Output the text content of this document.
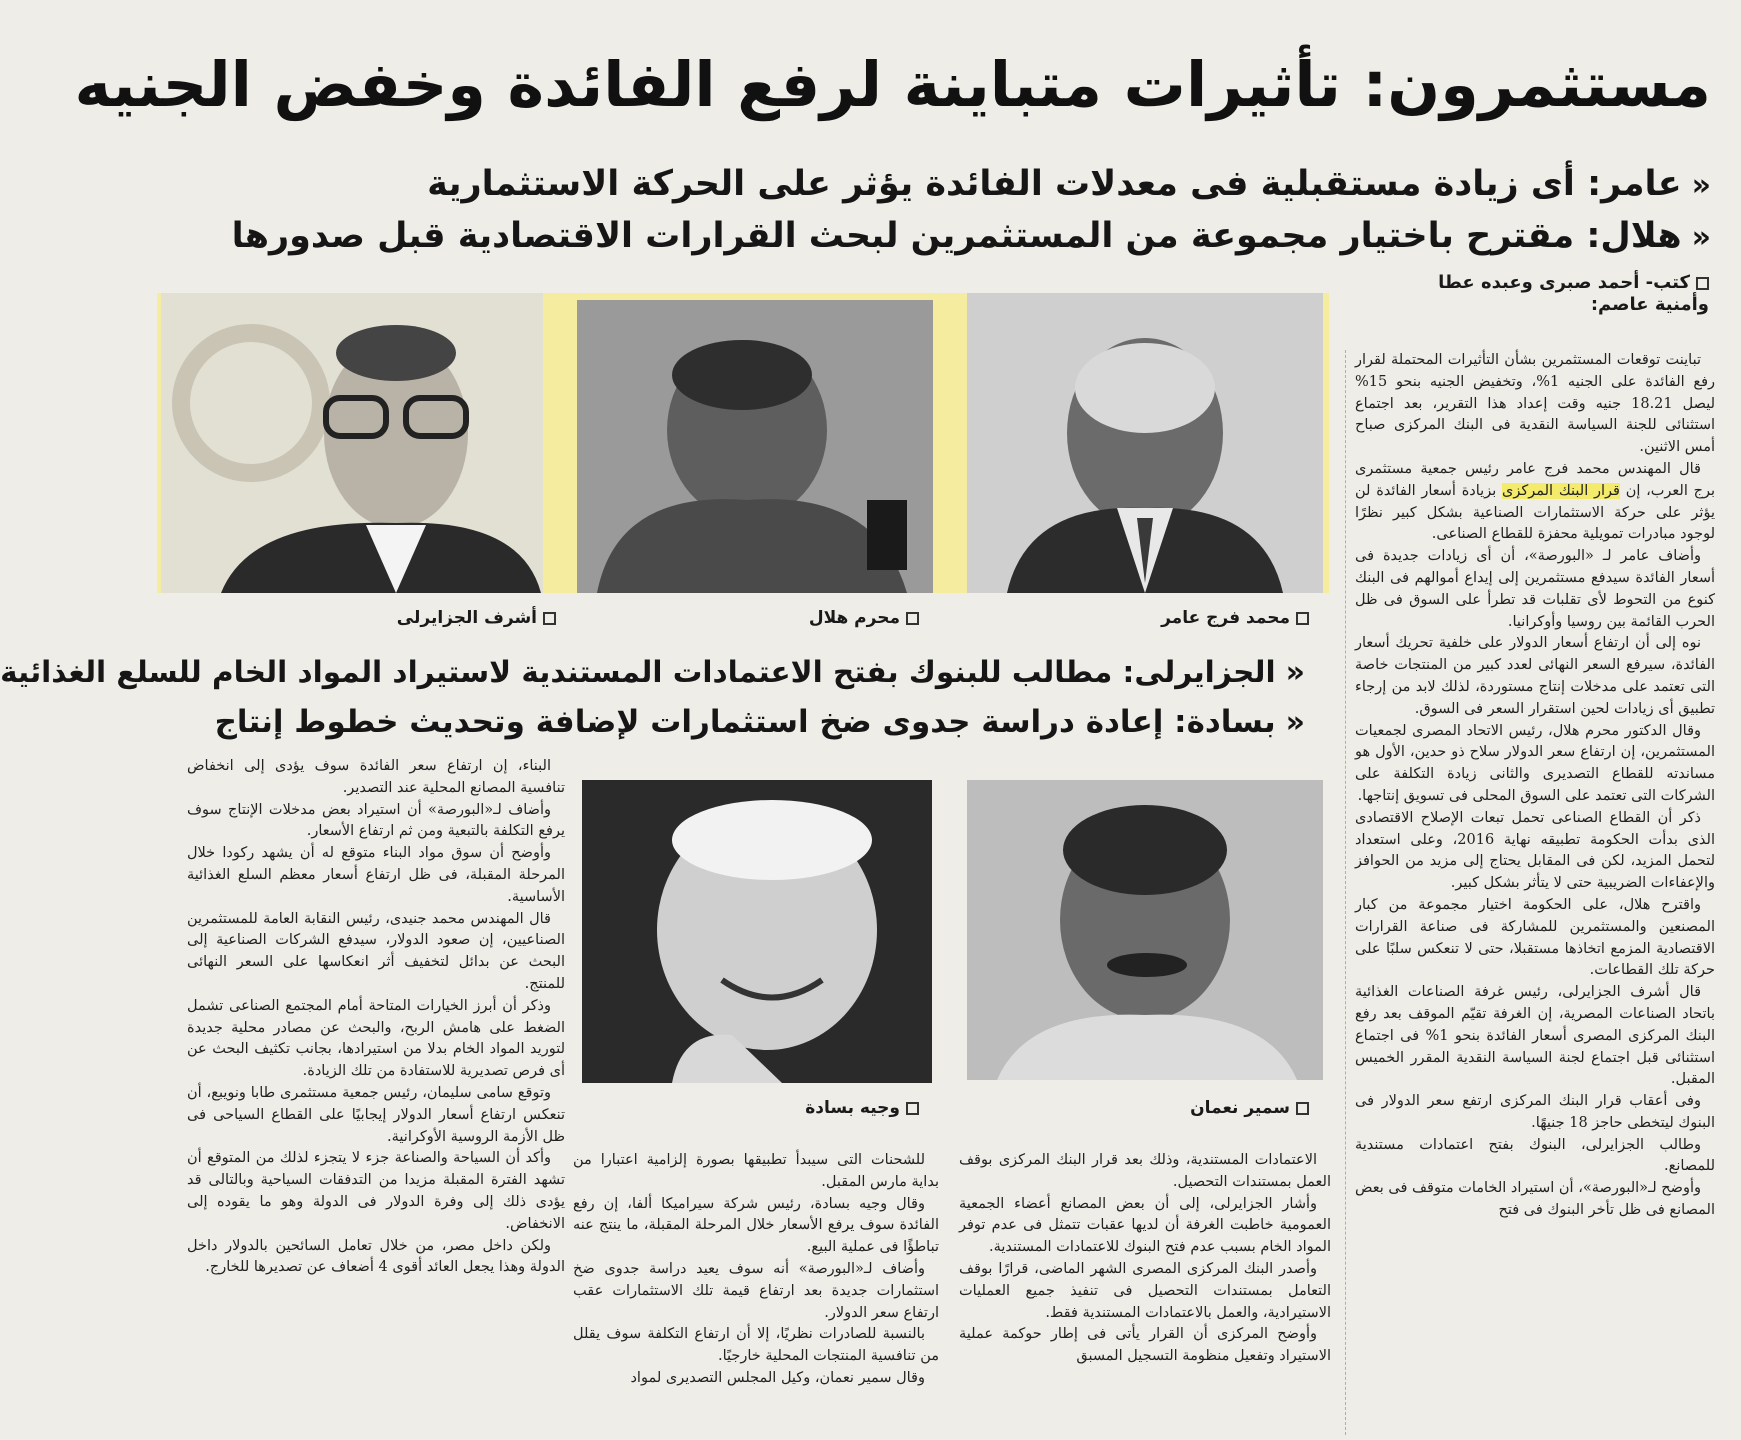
مستثمرون: تأثيرات متباينة لرفع الفائدة وخفض الجنيه
«عامر: أى زيادة مستقبلية فى معدلات الفائدة يؤثر على الحركة الاستثمارية
«هلال: مقترح باختيار مجموعة من المستثمرين لبحث القرارات الاقتصادية قبل صدورها
كتب- أحمد صبرى وعبده عطا
وأمنية عاصم:
محمد فرج عامر
محرم هلال
أشرف الجزايرلى
«الجزايرلى: مطالب للبنوك بفتح الاعتمادات المستندية لاستيراد المواد الخام للسلع الغذائية
«بسادة: إعادة دراسة جدوى ضخ استثمارات لإضافة وتحديث خطوط إنتاج
سمير نعمان
وجيه بسادة

تباينت توقعات المستثمرين بشأن التأثيرات المحتملة لقرار رفع الفائدة على الجنيه 1%، وتخفيض الجنيه بنحو 15% ليصل 18.21 جنيه وقت إعداد هذا التقرير، بعد اجتماع استثنائى للجنة السياسة النقدية فى البنك المركزى صباح أمس الاثنين.

قال المهندس محمد فرج عامر رئيس جمعية مستثمرى برج العرب، إن قرار البنك المركزى بزيادة أسعار الفائدة لن يؤثر على حركة الاستثمارات الصناعية بشكل كبير نظرًا لوجود مبادرات تمويلية محفزة للقطاع الصناعى.

وأضاف عامر لـ «البورصة»، أن أى زيادات جديدة فى أسعار الفائدة سيدفع مستثمرين إلى إيداع أموالهم فى البنك كنوع من التحوط لأى تقلبات قد تطرأ على السوق فى ظل الحرب القائمة بين روسيا وأوكرانيا.

نوه إلى أن ارتفاع أسعار الدولار على خلفية تحريك أسعار الفائدة، سيرفع السعر النهائى لعدد كبير من المنتجات خاصة التى تعتمد على مدخلات إنتاج مستوردة، لذلك لابد من إرجاء تطبيق أى زيادات لحين استقرار السعر فى السوق.

وقال الدكتور محرم هلال، رئيس الاتحاد المصرى لجمعيات المستثمرين، إن ارتفاع سعر الدولار سلاح ذو حدين، الأول هو مساندته للقطاع التصديرى والثانى زيادة التكلفة على الشركات التى تعتمد على السوق المحلى فى تسويق إنتاجها.

ذكر أن القطاع الصناعى تحمل تبعات الإصلاح الاقتصادى الذى بدأت الحكومة تطبيقه نهاية 2016، وعلى استعداد لتحمل المزيد، لكن فى المقابل يحتاج إلى مزيد من الحوافز والإعفاءات الضريبية حتى لا يتأثر بشكل كبير.

واقترح هلال، على الحكومة اختيار مجموعة من كبار المصنعين والمستثمرين للمشاركة فى صناعة القرارات الاقتصادية المزمع اتخاذها مستقبلا، حتى لا تنعكس سلبًا على حركة تلك القطاعات.

قال أشرف الجزايرلى، رئيس غرفة الصناعات الغذائية باتحاد الصناعات المصرية، إن الغرفة تقيّم الموقف بعد رفع البنك المركزى المصرى أسعار الفائدة بنحو 1% فى اجتماع استثنائى قبل اجتماع لجنة السياسة النقدية المقرر الخميس المقبل.

وفى أعقاب قرار البنك المركزى ارتفع سعر الدولار فى البنوك ليتخطى حاجز 18 جنيهًا.

وطالب الجزايرلى، البنوك بفتح اعتمادات مستندية للمصانع.

وأوضح لـ«البورصة»، أن استيراد الخامات متوقف فى بعض المصانع فى ظل تأخر البنوك فى فتح

الاعتمادات المستندية، وذلك بعد قرار البنك المركزى بوقف العمل بمستندات التحصيل.

وأشار الجزايرلى، إلى أن بعض المصانع أعضاء الجمعية العمومية خاطبت الغرفة أن لديها عقبات تتمثل فى عدم توفر المواد الخام بسبب عدم فتح البنوك للاعتمادات المستندية.

وأصدر البنك المركزى المصرى الشهر الماضى، قرارًا بوقف التعامل بمستندات التحصيل فى تنفيذ جميع العمليات الاستيرادية، والعمل بالاعتمادات المستندية فقط.

وأوضح المركزى أن القرار يأتى فى إطار حوكمة عملية الاستيراد وتفعيل منظومة التسجيل المسبق

للشحنات التى سيبدأ تطبيقها بصورة إلزامية اعتبارا من بداية مارس المقبل.

وقال وجيه بسادة، رئيس شركة سيراميكا ألفا، إن رفع الفائدة سوف يرفع الأسعار خلال المرحلة المقبلة، ما ينتج عنه تباطؤًا فى عملية البيع.

وأضاف لـ«البورصة» أنه سوف يعيد دراسة جدوى ضخ استثمارات جديدة بعد ارتفاع قيمة تلك الاستثمارات عقب ارتفاع سعر الدولار.

بالنسبة للصادرات نظريًا، إلا أن ارتفاع التكلفة سوف يقلل من تنافسية المنتجات المحلية خارجيًا.

وقال سمير نعمان، وكيل المجلس التصديرى لمواد

البناء، إن ارتفاع سعر الفائدة سوف يؤدى إلى انخفاض تنافسية المصانع المحلية عند التصدير.

وأضاف لـ«البورصة» أن استيراد بعض مدخلات الإنتاج سوف يرفع التكلفة بالتبعية ومن ثم ارتفاع الأسعار.

وأوضح أن سوق مواد البناء متوقع له أن يشهد ركودا خلال المرحلة المقبلة، فى ظل ارتفاع أسعار معظم السلع الغذائية الأساسية.

قال المهندس محمد جنيدى، رئيس النقابة العامة للمستثمرين الصناعيين، إن صعود الدولار، سيدفع الشركات الصناعية إلى البحث عن بدائل لتخفيف أثر انعكاسها على السعر النهائى للمنتج.

وذكر أن أبرز الخيارات المتاحة أمام المجتمع الصناعى تشمل الضغط على هامش الربح، والبحث عن مصادر محلية جديدة لتوريد المواد الخام بدلا من استيرادها، بجانب تكثيف البحث عن أى فرص تصديرية للاستفادة من تلك الزيادة.

وتوقع سامى سليمان، رئيس جمعية مستثمرى طابا ونويبع، أن تنعكس ارتفاع أسعار الدولار إيجابيًا على القطاع السياحى فى ظل الأزمة الروسية الأوكرانية.

وأكد أن السياحة والصناعة جزء لا يتجزء لذلك من المتوقع أن تشهد الفترة المقبلة مزيدا من التدفقات السياحية وبالتالى قد يؤدى ذلك إلى وفرة الدولار فى الدولة وهو ما يقوده إلى الانخفاض.

ولكن داخل مصر، من خلال تعامل السائحين بالدولار داخل الدولة وهذا يجعل العائد أقوى 4 أضعاف عن تصديرها للخارج.
